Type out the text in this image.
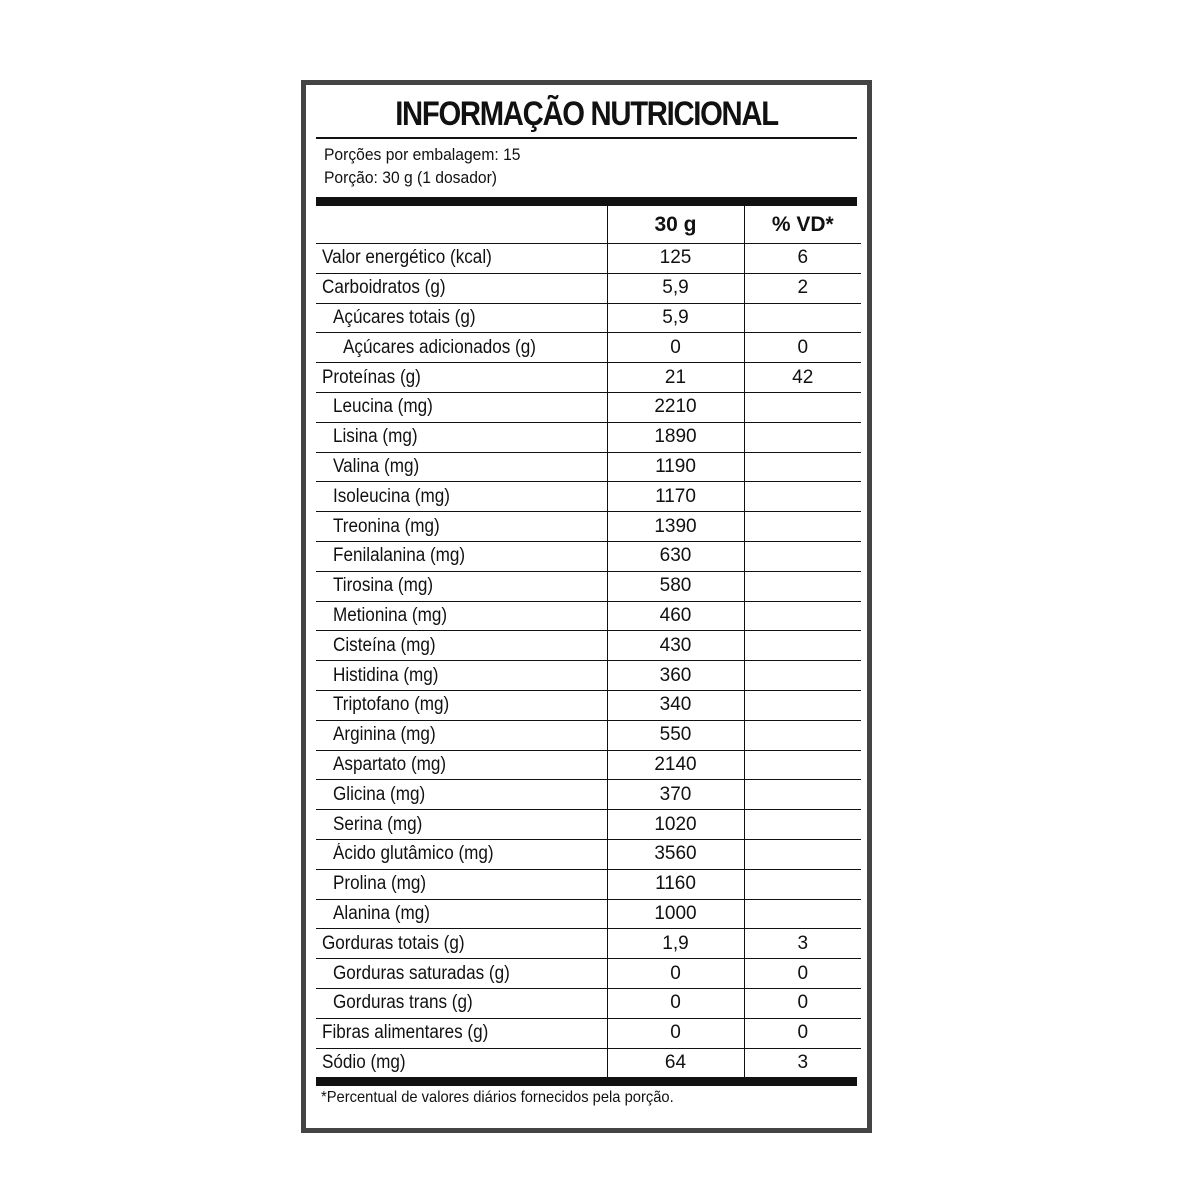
INFORMAÇÃO NUTRICIONAL
Porções por embalagem: 15
Porção: 30 g (1 dosador)
	30 g	% VD*
Valor energético (kcal)	125	6
Carboidratos (g)	5,9	2
Açúcares totais (g)	5,9	
Açúcares adicionados (g)	0	0
Proteínas (g)	21	42
Leucina (mg)	2210	
Lisina (mg)	1890	
Valina (mg)	1190	
Isoleucina (mg)	1170	
Treonina (mg)	1390	
Fenilalanina (mg)	630	
Tirosina (mg)	580	
Metionina (mg)	460	
Cisteína (mg)	430	
Histidina (mg)	360	
Triptofano (mg)	340	
Arginina (mg)	550	
Aspartato (mg)	2140	
Glicina (mg)	370	
Serina (mg)	1020	
Ácido glutâmico (mg)	3560	
Prolina (mg)	1160	
Alanina (mg)	1000	
Gorduras totais (g)	1,9	3
Gorduras saturadas (g)	0	0
Gorduras trans (g)	0	0
Fibras alimentares (g)	0	0
Sódio (mg)	64	3
*Percentual de valores diários fornecidos pela porção.
